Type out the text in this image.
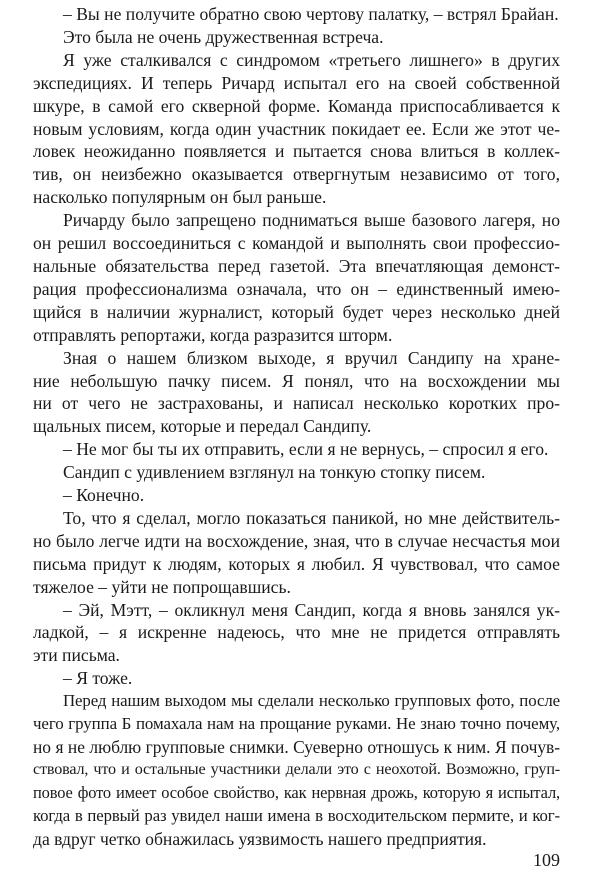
– Вы не получите обратно свою чертову палатку, – встрял Брайан.
Это была не очень дружественная встреча.
Я уже сталкивался с синдромом «третьего лишнего» в других
экспедициях. И теперь Ричард испытал его на своей собственной
шкуре, в самой его скверной форме. Команда приспосабливается к
новым условиям, когда один участник покидает ее. Если же этот че-
ловек неожиданно появляется и пытается снова влиться в коллек-
тив, он неизбежно оказывается отвергнутым независимо от того,
насколько популярным он был раньше.
Ричарду было запрещено подниматься выше базового лагеря, но
он решил воссоединиться с командой и выполнять свои профессио-
нальные обязательства перед газетой. Эта впечатляющая демонст-
рация профессионализма означала, что он – единственный имею-
щийся в наличии журналист, который будет через несколько дней
отправлять репортажи, когда разразится шторм.
Зная о нашем близком выходе, я вручил Сандипу на хране-
ние небольшую пачку писем. Я понял, что на восхождении мы
ни от чего не застрахованы, и написал несколько коротких про-
щальных писем, которые и передал Сандипу.
– Не мог бы ты их отправить, если я не вернусь, – спросил я его.
Сандип с удивлением взглянул на тонкую стопку писем.
– Конечно.
То, что я сделал, могло показаться паникой, но мне действитель-
но было легче идти на восхождение, зная, что в случае несчастья мои
письма придут к людям, которых я любил. Я чувствовал, что самое
тяжелое – уйти не попрощавшись.
– Эй, Мэтт, – окликнул меня Сандип, когда я вновь занялся ук-
ладкой, – я искренне надеюсь, что мне не придется отправлять
эти письма.
– Я тоже.
Перед нашим выходом мы сделали несколько групповых фото, после
чего группа Б помахала нам на прощание руками. Не знаю точно почему,
но я не люблю групповые снимки. Суеверно отношусь к ним. Я почув-
ствовал, что и остальные участники делали это с неохотой. Возможно, груп-
повое фото имеет особое свойство, как нервная дрожь, которую я испытал,
когда в первый раз увидел наши имена в восходительском пермите, и ког-
да вдруг четко обнажилась уязвимость нашего предприятия.
109
